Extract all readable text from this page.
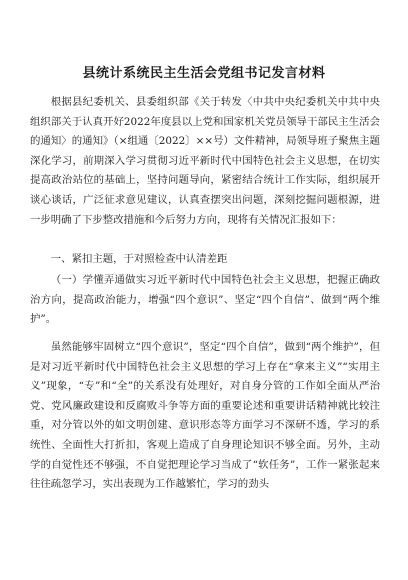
县统计系统民主生活会党组书记发言材料
根据县纪委机关、县委组织部《关于转发〈中共中央纪委机关中共中央组织部关于认真开好2022年度县以上党和国家机关党员领导干部民主生活会的通知〉的通知》（×组通〔2022〕××号）文件精神，局领导班子聚焦主题深化学习，前期深入学习贯彻习近平新时代中国特色社会主义思想，在切实提高政治站位的基础上，坚持问题导向，紧密结合统计工作实际，组织展开谈心谈话，广泛征求意见建议，认真查摆突出问题，深刻挖掘问题根源，进一步明确了下步整改措施和今后努力方向，现将有关情况汇报如下：
一、紧扣主题，于对照检查中认清差距
（一）学懂弄通做实习近平新时代中国特色社会主义思想，把握正确政治方向，提高政治能力，增强“四个意识”、坚定“四个自信”、做到“两个维护”。
虽然能够牢固树立“四个意识”，坚定“四个自信”，做到“两个维护”，但是对习近平新时代中国特色社会主义思想的学习上存在“拿来主义”“实用主义”现象，“专”和“全”的关系没有处理好，对自身分管的工作如全面从严治党、党风廉政建设和反腐败斗争等方面的重要论述和重要讲话精神就比较注重，对分管以外的如文明创建、意识形态等方面学习不深研不透，学习的系统性、全面性大打折扣，客观上造成了自身理论知识不够全面。另外，主动学的自觉性还不够强，不自觉把理论学习当成了“软任务”，工作一紧张起来往往疏忽学习，实出表现为工作越繁忙，学习的劲头
